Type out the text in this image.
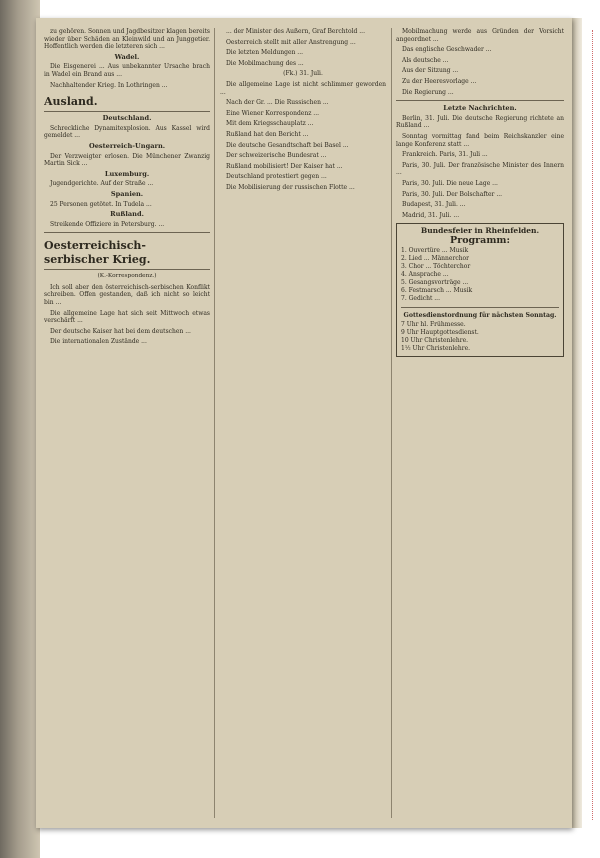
zu gehören. Sonnen und Jagdbesitzer klagen bereits wieder über Schäden an Kleinwild und an Junggetier. Hoffentlich werden die letzteren sich ...

Wadel.

Die Eisgenerei ... Aus unbekannter Ursache brach in Wadel ein Brand aus ...

Nachhaltender Krieg. In Lothringen ...

Ausland.
Deutschland.

Schreckliche Dynamitexplosion. Aus Kassel wird gemeldet ...

Oesterreich-Ungarn.

Der Verzweigter erlosen. Die Münchener Zwanzig Martin Sick ...

Luxemburg.

Jugendgerichte. Auf der Straße ...

Spanien.

25 Personen getötet. In Tudela ...

Rußland.

Streikende Offiziere in Petersburg. ...

Oesterreichisch-serbischer Krieg.
(K.-Korrespondenz.)

Ich soll aber den österreichisch-serbischen Konflikt schreiben. Offen gestanden, daß ich nicht so leicht bin ...

Die allgemeine Lage hat sich seit Mittwoch etwas verschärft ...

Der deutsche Kaiser hat bei dem deutschen ...

Die internationalen Zustände ...

... der Minister des Außern, Graf Berchtold ...

Oesterreich stellt mit aller Anstrengung ...

Die letzten Meldungen ...

Die Mobilmachung des ...

(Fk.) 31. Juli.

Die allgemeine Lage ist nicht schlimmer geworden ...

Nach der Gr. ... Die Russischen ...

Eine Wiener Korrespondenz ...

Mit dem Kriegsschauplatz ...

Rußland hat den Bericht ...

Die deutsche Gesandtschaft bei Basel ...

Der schweizerische Bundesrat ...

Rußland mobilisiert! Der Kaiser hat ...

Deutschland protestiert gegen ...

Die Mobilisierung der russischen Flotte ...

Mobilmachung werde aus Gründen der Vorsicht angeordnet ...

Das englische Geschwader ...

Als deutsche ...

Aus der Sitzung ...

Zu der Heeresvorlage ...

Die Regierung ...

Letzte Nachrichten.

Berlin, 31. Juli. Die deutsche Regierung richtete an Rußland ...

Sonntag vormittag fand beim Reichskanzler eine lange Konferenz statt ...

Frankreich. Paris, 31. Juli ...

Paris, 30. Juli. Der französische Minister des Innern ...

Paris, 30. Juli. Die neue Lage ...

Paris, 30. Juli. Der Bolschafter ...

Budapest, 31. Juli. ...

Madrid, 31. Juli. ...

Bundesfeier in Rheinfelden.
Programm:
1. Ouvertüre ... Musik
2. Lied ... Männerchor
3. Chor ... Töchterchor
4. Ansprache ...
5. Gesangsvorträge ...
6. Festmarsch ... Musik
7. Gedicht ...
Gottesdienstordnung für nächsten Sonntag.
7 Uhr hl. Frühmesse.
9 Uhr Hauptgottesdienst.
10 Uhr Christenlehre.
1½ Uhr Christenlehre.
